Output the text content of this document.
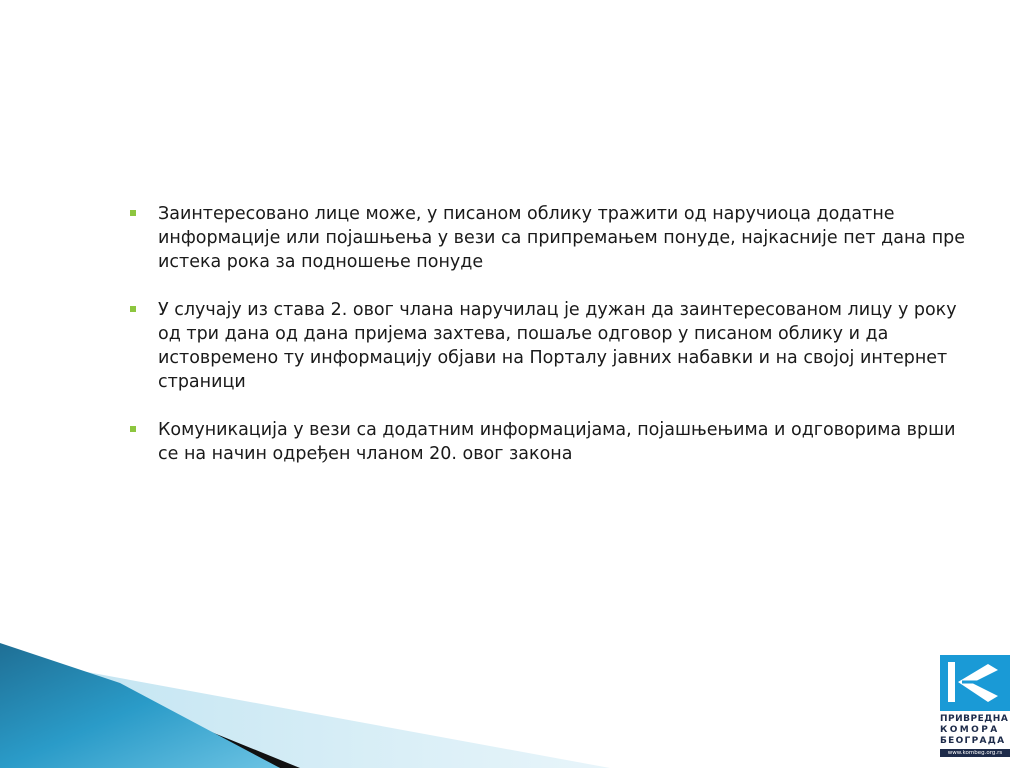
Заинтересовано лице може, у писаном облику тражити од наручиоца додатне информације или појашњења у вези са припремањем понуде, најкасније пет дана пре истека рока за подношење понуде
У случају из става 2. овог члана наручилац је дужан да заинтересованом лицу у року од три дана од дана пријема захтева, пошаље одговор у писаном облику и да истовремено ту информацију објави на Порталу јавних набавки и на својој интернет страници
Комуникација у вези са додатним информацијама, појашњењима и одговорима врши се на начин одређен чланом 20. овог закона
ПРИВРЕДНА
КОМОРА
БЕОГРАДА
www.kombeg.org.rs
